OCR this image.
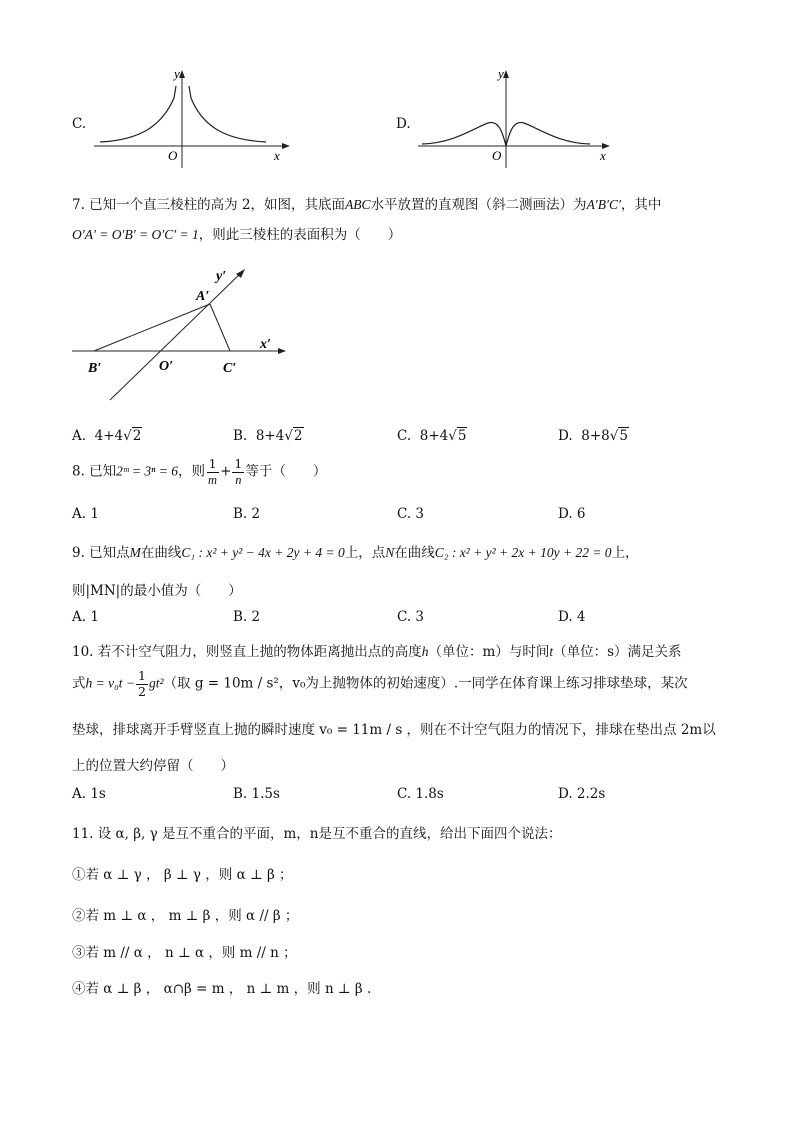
C.
y
O	x
D.
y
O	x
7. 已知一个直三棱柱的高为 2，如图，其底面ABC水平放置的直观图（斜二测画法）为A′B′C′，其中
O′A′ = O′B′ = O′C′ = 1，则此三棱柱的表面积为（　　）
y′
x′
A′
B′	O′	C′
A. 4+4√2	B. 8+4√2	C. 8+4√5	D. 8+8√5
8. 已知2ᵐ = 3ⁿ = 6，则 $\frac{1}{m} + \frac{1}{n}$ 等于（　　）
A. 1	B. 2	C. 3	D. 6
9. 已知点M在曲线C₁ : x² + y² − 4x + 2y + 4 = 0上，点N在曲线C₂ : x² + y² + 2x + 10y + 22 = 0上，
则|MN|的最小值为（　　）
A. 1	B. 2	C. 3	D. 4
10. 若不计空气阻力，则竖直上抛的物体距离抛出点的高度h（单位：m）与时间t（单位：s）满足关系
式$h = v_0t - \frac{1}{2} gt^2$（取 g = 10m / s²，v₀为上抛物体的初始速度）.一同学在体育课上练习排球垫球，某次
垫球，排球离开手臂竖直上抛的瞬时速度 v₀ = 11m / s ，则在不计空气阻力的情况下，排球在垫出点 2m以
上的位置大约停留（　　）
A. 1s	B. 1.5s	C. 1.8s	D. 2.2s
11. 设 α, β, γ 是互不重合的平面，m，n是互不重合的直线，给出下面四个说法：
①若 α ⊥ γ ， β ⊥ γ ，则 α ⊥ β ；
②若 m ⊥ α ， m ⊥ β ，则 α // β ；
③若 m // α ， n ⊥ α ，则 m // n ；
④若 α ⊥ β ， α∩β = m ， n ⊥ m ，则 n ⊥ β .
